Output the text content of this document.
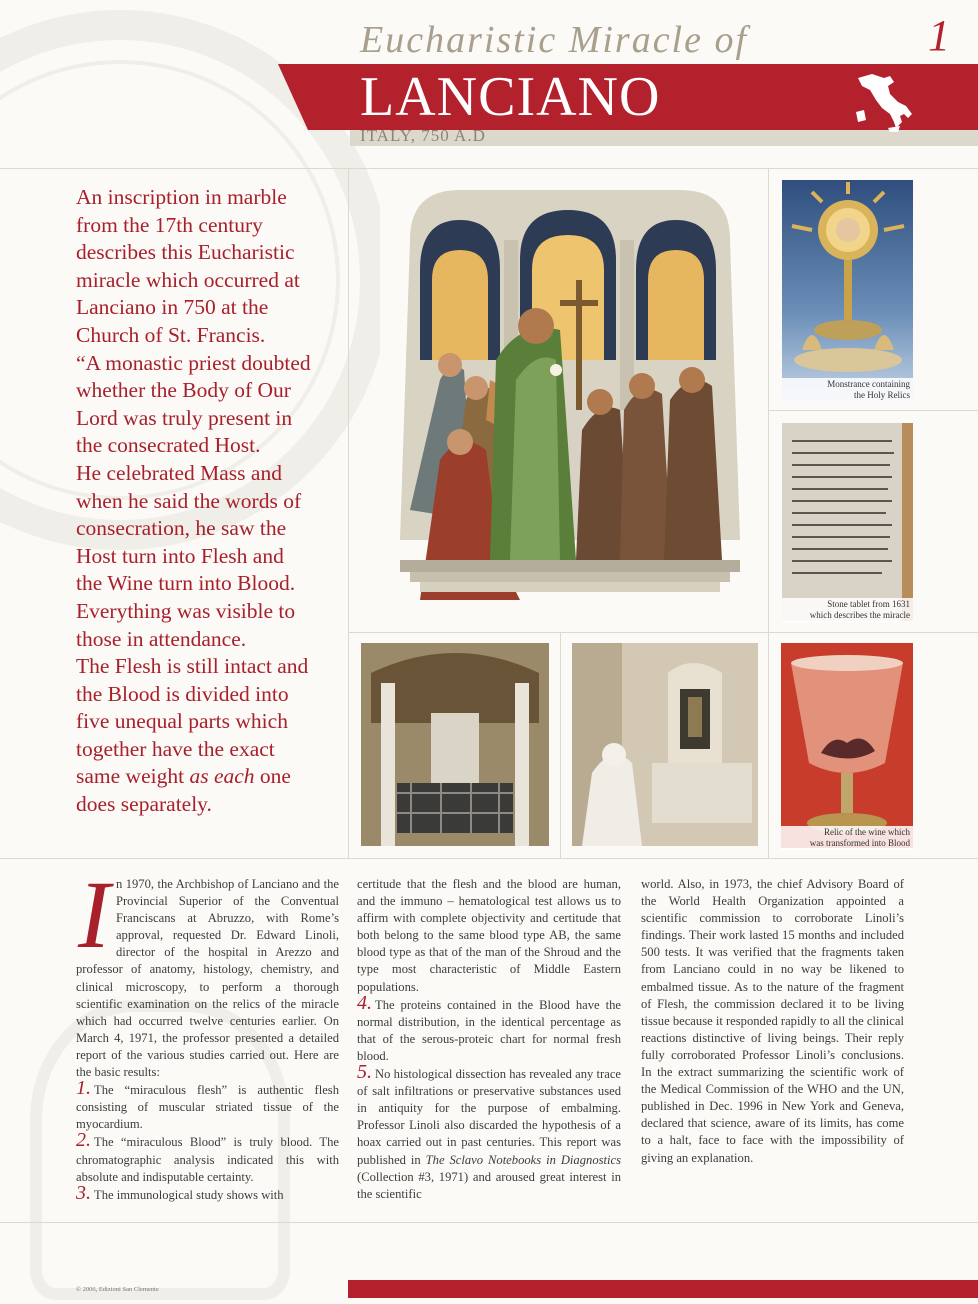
Eucharistic Miracle of	1
LANCIANO
ITALY, 750 A.D
An inscription in marble
from the 17th century
describes this Eucharistic
miracle which occurred at
Lanciano in 750 at the
Church of St. Francis.
“A monastic priest doubted
whether the Body of Our
Lord was truly present in
the consecrated Host.
He celebrated Mass and
when he said the words of
consecration, he saw the
Host turn into Flesh and
the Wine turn into Blood.
Everything was visible to
those in attendance.
The Flesh is still intact and
the Blood is divided into
five unequal parts which
together have the exact
same weight as each one
does separately.
Monstrance containing
the Holy Relics
Stone tablet from 1631
which describes the miracle
Relic of the wine which
was transformed into Blood
I n 1970, the Archbishop of Lanciano and the Provincial Superior of the Conventual Franciscans at Abruzzo, with Rome’s approval, requested Dr. Edward Linoli, director of the hospital in Arezzo and professor of anatomy, histology, chemistry, and clinical microscopy, to perform a thorough scientific examination on the relics of the miracle which had occurred twelve centuries earlier. On March 4, 1971, the professor presented a detailed report of the various studies carried out. Here are the basic results:

1. The “miraculous flesh” is authentic flesh consisting of muscular striated tissue of the myocardium.

2. The “miraculous Blood” is truly blood. The chromatographic analysis indicated this with absolute and indisputable certainty.

3. The immunological study shows with

certitude that the flesh and the blood are human, and the immuno – hematological test allows us to affirm with complete objectivity and certitude that both belong to the same blood type AB, the same blood type as that of the man of the Shroud and the type most characteristic of Middle Eastern populations.

4. The proteins contained in the Blood have the normal distribution, in the identical percentage as that of the serous-proteic chart for normal fresh blood.

5. No histological dissection has revealed any trace of salt infiltrations or preservative substances used in antiquity for the purpose of embalming. Professor Linoli also discarded the hypothesis of a hoax carried out in past centuries. This report was published in The Sclavo Notebooks in Diagnostics (Collection #3, 1971) and aroused great interest in the scientific

world. Also, in 1973, the chief Advisory Board of the World Health Organization appointed a scientific commission to corroborate Linoli’s findings. Their work lasted 15 months and included 500 tests. It was verified that the fragments taken from Lanciano could in no way be likened to embalmed tissue. As to the nature of the fragment of Flesh, the commission declared it to be living tissue because it responded rapidly to all the clinical reactions distinctive of living beings. Their reply fully corroborated Professor Linoli’s conclusions. In the extract summarizing the scientific work of the Medical Commission of the WHO and the UN, published in Dec. 1996 in New York and Geneva, declared that science, aware of its limits, has come to a halt, face to face with the impossibility of giving an explanation.

© 2006, Edizioni San Clemente
